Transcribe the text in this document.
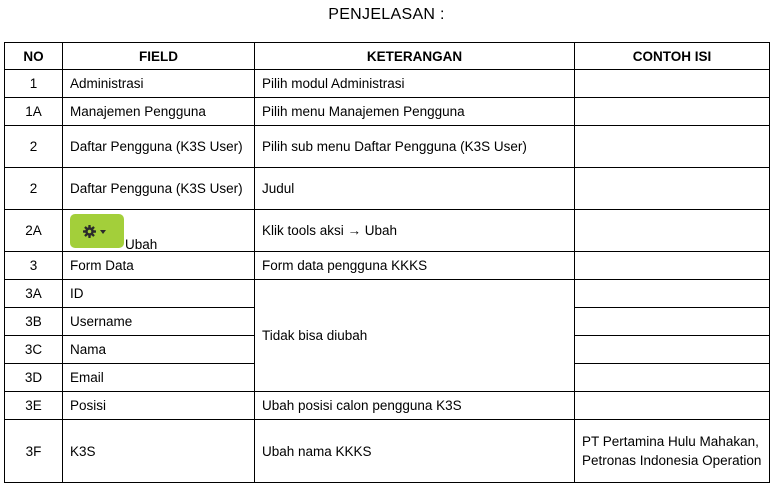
PENJELASAN :
NO	FIELD	KETERANGAN	CONTOH ISI
1	Administrasi	Pilih modul Administrasi	
1A	Manajemen Pengguna	Pilih menu Manajemen Pengguna	
2	Daftar Pengguna (K3S User)	Pilih sub menu Daftar Pengguna (K3S User)	
2	Daftar Pengguna (K3S User)	Judul	
2A	Ubah	Klik tools aksi → Ubah	
3	Form Data	Form data pengguna KKKS	
3A	ID	Tidak bisa diubah	
3B	Username		
3C	Nama		
3D	Email		
3E	Posisi	Ubah posisi calon pengguna K3S	
3F	K3S	Ubah nama KKKS	PT Pertamina Hulu Mahakan, Petronas Indonesia Operation
